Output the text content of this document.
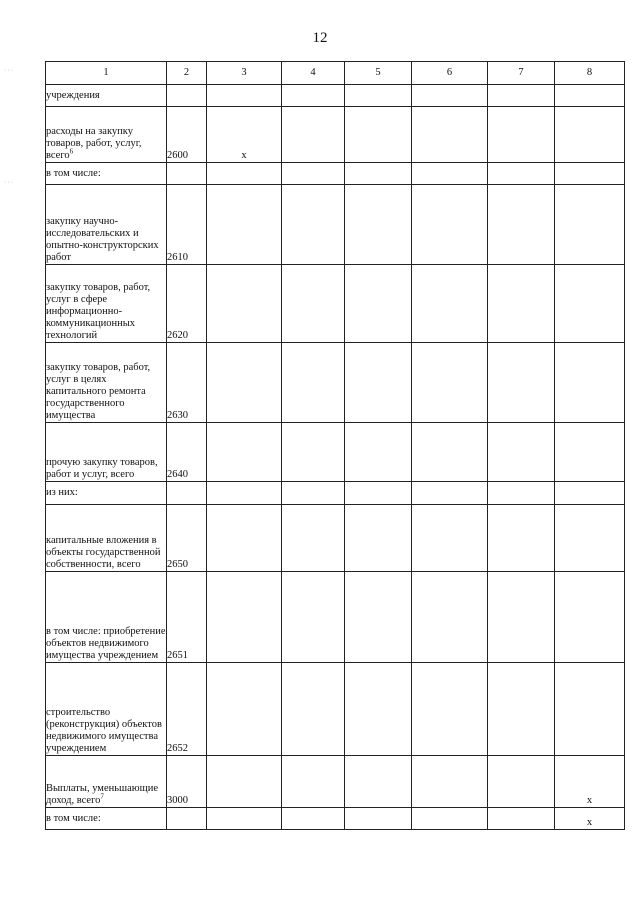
12
· · ·
· · ·
1	2	3	4	5	6	7	8
учреждения							
расходы на закупку товаров, работ, услуг, всего$^6$	2600	x					
в том числе:							
закупку научно-исследовательских и опытно-конструкторских работ	2610						
закупку товаров, работ, услуг в сфере информационно-коммуникационных технологий	2620						
закупку товаров, работ, услуг в целях капитального ремонта государственного имущества	2630						
прочую закупку товаров, работ и услуг, всего	2640						
из них:							
капитальные вложения в объекты государственной собственности, всего	2650						
в том числе: приобретение объектов недвижимого имущества учреждением	2651						
строительство (реконструкция) объектов недвижимого имущества учреждением	2652						
Выплаты, уменьшающие доход, всего$^7$	3000						x
в том числе:							x
